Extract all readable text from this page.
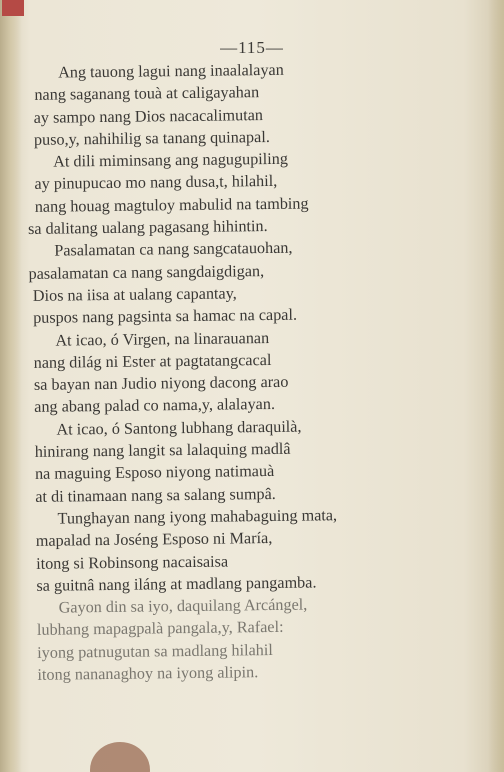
—115—
Ang tauong lagui nang inaalalayan
nang saganang touà at caligayahan
ay sampo nang Dios nacacalimutan
puso,y, nahihilig sa tanang quinapal.
At dili miminsang ang nagugupiling
ay pinupucao mo nang dusa,t, hilahil,
nang houag magtuloy mabulid na tambing
sa dalitang ualang pagasang hihintin.
Pasalamatan ca nang sangcatauohan,
pasalamatan ca nang sangdaigdigan,
Dios na iisa at ualang capantay,
puspos nang pagsinta sa hamac na capal.
At icao, ó Virgen, na linarauanan
nang dilág ni Ester at pagtatangcacal
sa bayan nan Judio niyong dacong arao
ang abang palad co nama,y, alalayan.
At icao, ó Santong lubhang daraquilà,
hinirang nang langit sa lalaquing madlâ
na maguing Esposo niyong natimauà
at di tinamaan nang sa salang sumpâ.
Tunghayan nang iyong mahabaguing mata,
mapalad na Joséng Esposo ni María,
itong si Robinsong nacaisaisa
sa guitnâ nang iláng at madlang pangamba.
Gayon din sa iyo, daquilang Arcángel,
lubhang mapagpalà pangala,y, Rafael:
iyong patnugutan sa madlang hilahil
itong nananaghoy na iyong alipin.
